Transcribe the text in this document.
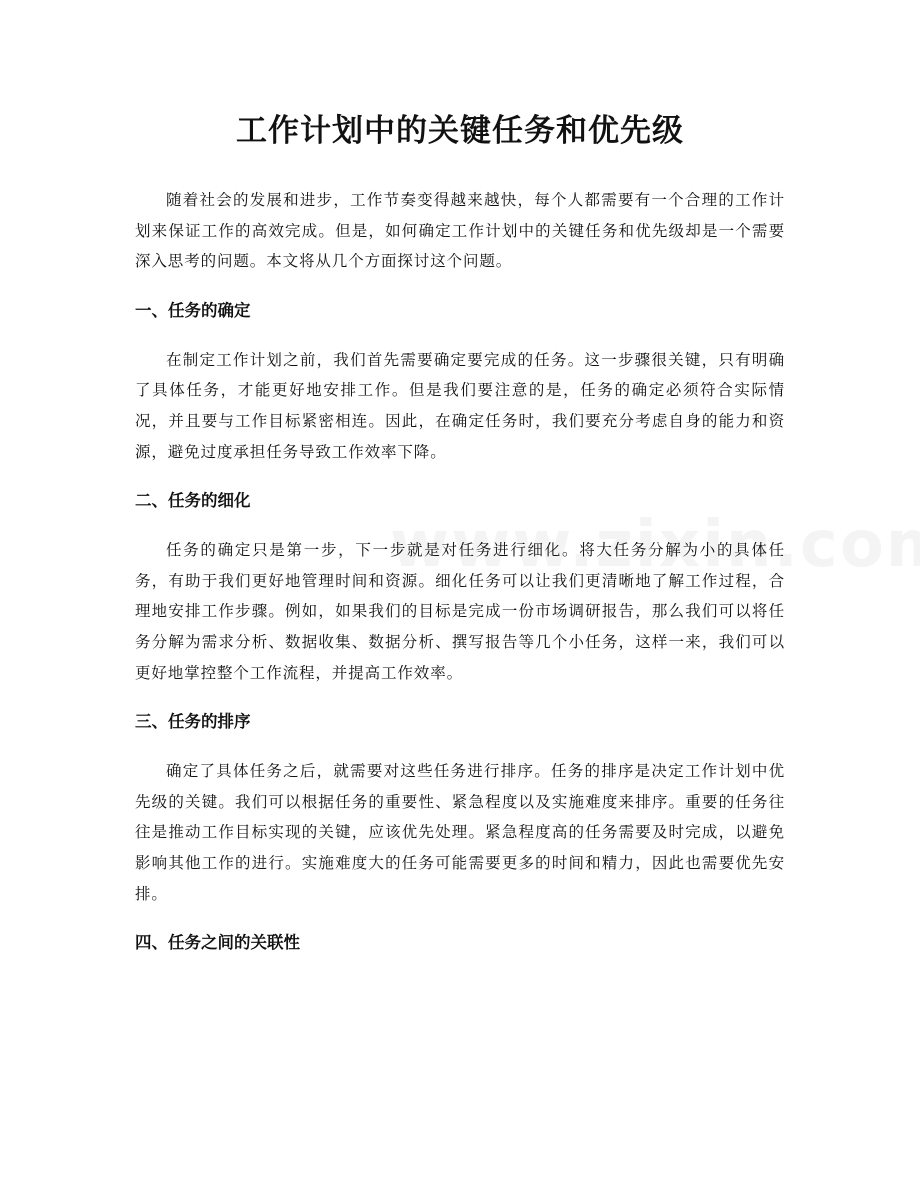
工作计划中的关键任务和优先级

随着社会的发展和进步，工作节奏变得越来越快，每个人都需要有一个合理的工作计划来保证工作的高效完成。但是，如何确定工作计划中的关键任务和优先级却是一个需要深入思考的问题。本文将从几个方面探讨这个问题。

一、任务的确定

在制定工作计划之前，我们首先需要确定要完成的任务。这一步骤很关键，只有明确了具体任务，才能更好地安排工作。但是我们要注意的是，任务的确定必须符合实际情况，并且要与工作目标紧密相连。因此，在确定任务时，我们要充分考虑自身的能力和资源，避免过度承担任务导致工作效率下降。

二、任务的细化

任务的确定只是第一步，下一步就是对任务进行细化。将大任务分解为小的具体任务，有助于我们更好地管理时间和资源。细化任务可以让我们更清晰地了解工作过程，合理地安排工作步骤。例如，如果我们的目标是完成一份市场调研报告，那么我们可以将任务分解为需求分析、数据收集、数据分析、撰写报告等几个小任务，这样一来，我们可以更好地掌控整个工作流程，并提高工作效率。

三、任务的排序

确定了具体任务之后，就需要对这些任务进行排序。任务的排序是决定工作计划中优先级的关键。我们可以根据任务的重要性、紧急程度以及实施难度来排序。重要的任务往往是推动工作目标实现的关键，应该优先处理。紧急程度高的任务需要及时完成，以避免影响其他工作的进行。实施难度大的任务可能需要更多的时间和精力，因此也需要优先安排。

四、任务之间的关联性
